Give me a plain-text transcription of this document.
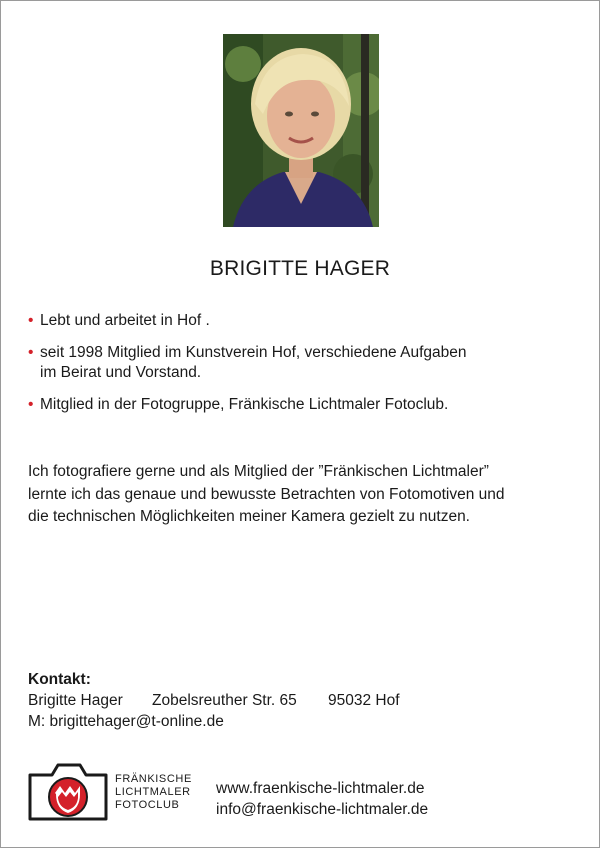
BRIGITTE HAGER
• Lebt und arbeitet in Hof .
• seit 1998 Mitglied im Kunstverein Hof, verschiedene Aufgaben
im Beirat und Vorstand.
• Mitglied in der Fotogruppe, Fränkische Lichtmaler Fotoclub.

Ich fotografiere gerne und als Mitglied der ”Fränkischen Lichtmaler”
lernte ich das genaue und bewusste Betrachten von Fotomotiven und
die technischen Möglichkeiten meiner Kamera gezielt zu nutzen.

Kontakt:
Brigitte Hager Zobelsreuther Str. 65 95032 Hof
M: brigittehager@t-online.de
FRÄNKISCHE
LICHTMALER
FOTOCLUB
www.fraenkische-lichtmaler.de
info@fraenkische-lichtmaler.de
